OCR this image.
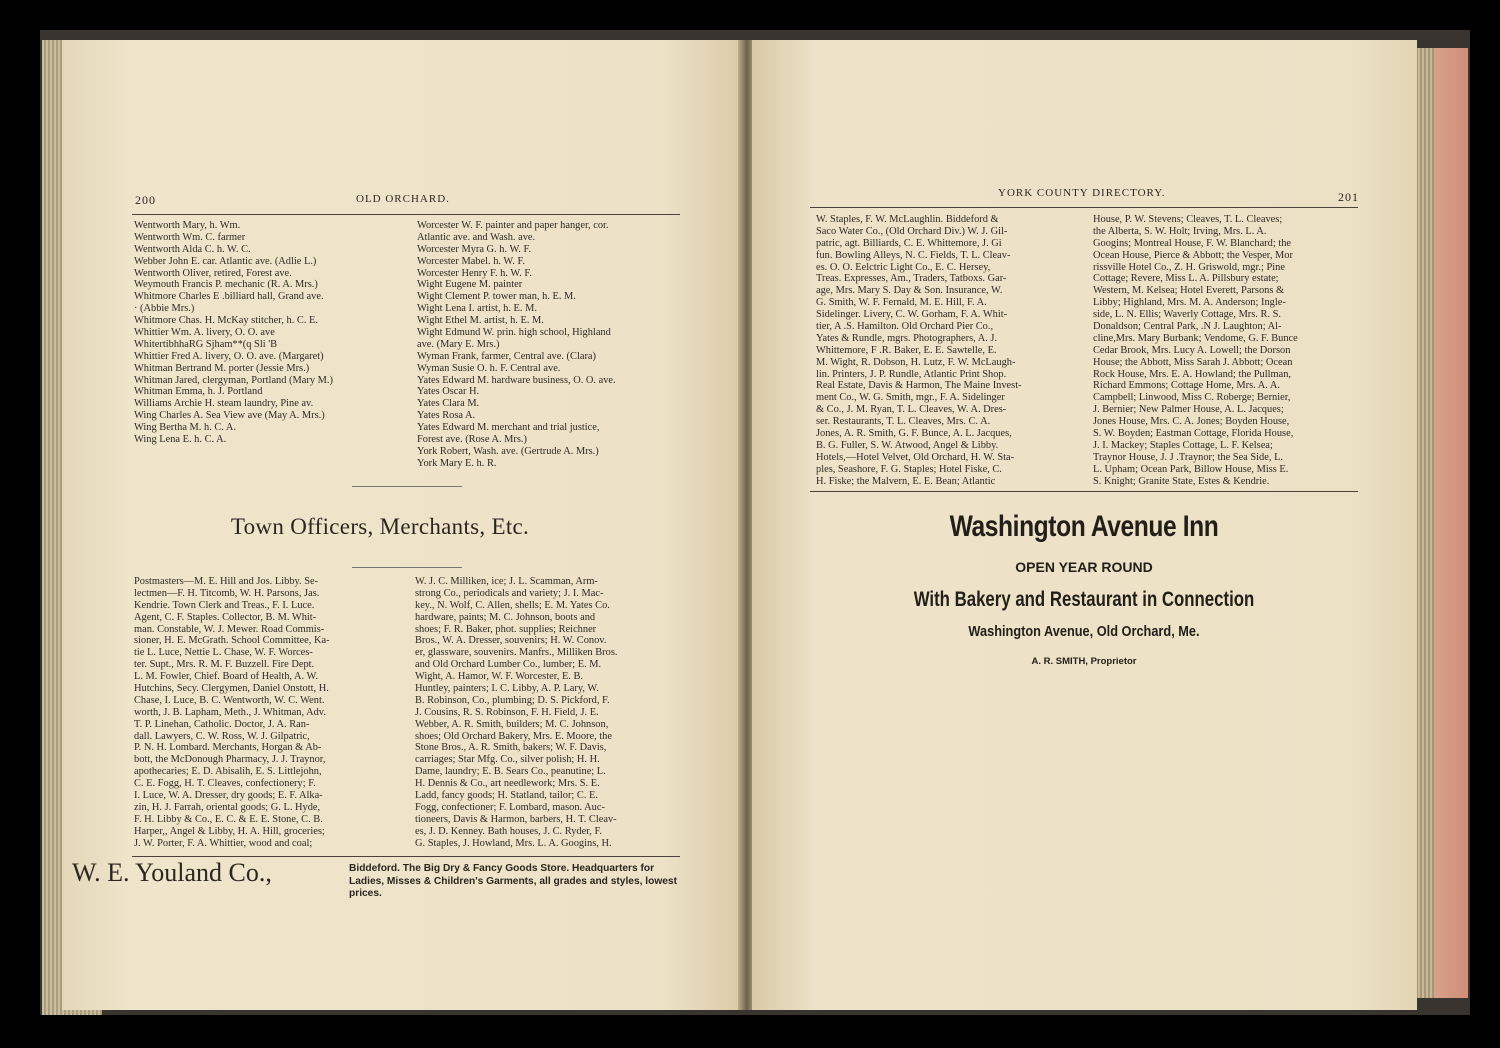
200	OLD ORCHARD.
Wentworth Mary, h. Wm.
Wentworth Wm. C. farmer
Wentworth Alda C. h. W. C.
Webber John E. car. Atlantic ave. (Adlie L.)
Wentworth Oliver, retired, Forest ave.
Weymouth Francis P. mechanic (R. A. Mrs.)
Whitmore Charles E .billiard hall, Grand ave.
· (Abbie Mrs.)
Whitmore Chas. H. McKay stitcher, h. C. E.
Whittier Wm. A. livery, O. O. ave
WhitertibhhaRG Sjham**(q Sli 'B
Whittier Fred A. livery, O. O. ave. (Margaret)
Whitman Bertrand M. porter (Jessie Mrs.)
Whitman Jared, clergyman, Portland (Mary M.)
Whitman Emma, h. J. Portland
Williams Archie H. steam laundry, Pine av.
Wing Charles A. Sea View ave (May A. Mrs.)
Wing Bertha M. h. C. A.
Wing Lena E. h. C. A.
Worcester W. F. painter and paper hanger, cor.
Atlantic ave. and Wash. ave.
Worcester Myra G. h. W. F.
Worcester Mabel. h. W. F.
Worcester Henry F. h. W. F.
Wight Eugene M. painter
Wight Clement P. tower man, h. E. M.
Wight Lena I. artist, h. E. M.
Wight Ethel M. artist, h. E. M.
Wight Edmund W. prin. high school, Highland
ave. (Mary E. Mrs.)
Wyman Frank, farmer, Central ave. (Clara)
Wyman Susie O. h. F. Central ave.
Yates Edward M. hardware business, O. O. ave.
Yates Oscar H.
Yates Clara M.
Yates Rosa A.
Yates Edward M. merchant and trial justice,
Forest ave. (Rose A. Mrs.)
York Robert, Wash. ave. (Gertrude A. Mrs.)
York Mary E. h. R.
Town Officers, Merchants, Etc.
Postmasters—M. E. Hill and Jos. Libby. Se-
lectmen—F. H. Titcomb, W. H. Parsons, Jas.
Kendrie. Town Clerk and Treas., F. I. Luce.
Agent, C. F. Staples. Collector, B. M. Whit-
man. Constable, W. J. Mewer. Road Commis-
sioner, H. E. McGrath. School Committee, Ka-
tie L. Luce, Nettie L. Chase, W. F. Worces-
ter. Supt., Mrs. R. M. F. Buzzell. Fire Dept.
L. M. Fowler, Chief. Board of Health, A. W.
Hutchins, Secy. Clergymen, Daniel Onstott, H.
Chase, I. Luce, B. C. Wentworth, W. C. Went.
worth, J. B. Lapham, Meth., J. Whitman, Adv.
T. P. Linehan, Catholic. Doctor, J. A. Ran-
dall. Lawyers, C. W. Ross, W. J. Gilpatric,
P. N. H. Lombard. Merchants, Horgan & Ab-
bott, the McDonough Pharmacy, J. J. Traynor,
apothecaries; E. D. Abisalih, E. S. Littlejohn,
C. E. Fogg, H. T. Cleaves, confectionery; F.
I. Luce, W. A. Dresser, dry goods; E. F. Alka-
zin, H. J. Farrah, oriental goods; G. L. Hyde,
F. H. Libby & Co., E. C. & E. E. Stone, C. B.
Harper,, Angel & Libby, H. A. Hill, groceries;
J. W. Porter, F. A. Whittier, wood and coal;
W. J. C. Milliken, ice; J. L. Scamman, Arm-
strong Co., periodicals and variety; J. I. Mac-
key., N. Wolf, C. Allen, shells; E. M. Yates Co.
hardware, paints; M. C. Johnson, boots and
shoes; F. R. Baker, phot. supplies; Reichner
Bros., W. A. Dresser, souvenirs; H. W. Conov.
er, glassware, souvenirs. Manfrs., Milliken Bros.
and Old Orchard Lumber Co., lumber; E. M.
Wight, A. Hamor, W. F. Worcester, E. B.
Huntley, painters; I. C. Libby, A. P. Lary, W.
B. Robinson, Co., plumbing; D. S. Pickford, F.
J. Cousins, R. S. Robinson, F. H. Field, J. E.
Webber, A. R. Smith, builders; M. C. Johnson,
shoes; Old Orchard Bakery, Mrs. E. Moore, the
Stone Bros., A. R. Smith, bakers; W. F. Davis,
carriages; Star Mfg. Co., silver polish; H. H.
Dame, laundry; E. B. Sears Co., peanutine; L.
H. Dennis & Co., art needlework; Mrs. S. E.
Ladd, fancy goods; H. Statland, tailor; C. E.
Fogg, confectioner; F. Lombard, mason. Auc-
tioneers, Davis & Harmon, barbers, H. T. Cleav-
es, J. D. Kenney. Bath houses, J. C. Ryder, F.
G. Staples, J. Howland, Mrs. L. A. Googins, H.
W. E. Youland Co.,	Biddeford. The Big Dry & Fancy Goods Store. Headquarters for Ladies, Misses & Children's Garments, all grades and styles, lowest prices.
YORK COUNTY DIRECTORY.	201
W. Staples, F. W. McLaughlin. Biddeford &
Saco Water Co., (Old Orchard Div.) W. J. Gil-
patric, agt. Billiards, C. E. Whittemore, J. Gi
fun. Bowling Alleys, N. C. Fields, T. L. Cleav-
es. O. O. Eelctric Light Co., E. C. Hersey,
Treas. Expresses, Am., Traders, Tatboxs. Gar-
age, Mrs. Mary S. Day & Son. Insurance, W.
G. Smith, W. F. Fernald, M. E. Hill, F. A.
Sidelinger. Livery, C. W. Gorham, F. A. Whit-
tier, A .S. Hamilton. Old Orchard Pier Co.,
Yates & Rundle, mgrs. Photographers, A. J.
Whittemore, F .R. Baker, E. E. Sawtelle, E.
M. Wight, R. Dobson, H. Lutz, F. W. McLaugh-
lin. Printers, J. P. Rundle, Atlantic Print Shop.
Real Estate, Davis & Harmon, The Maine Invest-
ment Co., W. G. Smith, mgr., F. A. Sidelinger
& Co., J. M. Ryan, T. L. Cleaves, W. A. Dres-
ser. Restaurants, T. L. Cleaves, Mrs. C. A.
Jones, A. R. Smith, G. F. Bunce, A. L. Jacques,
B. G. Fuller, S. W. Atwood, Angel & Libby.
Hotels,—Hotel Velvet, Old Orchard, H. W. Sta-
ples, Seashore, F. G. Staples; Hotel Fiske, C.
H. Fiske; the Malvern, E. E. Bean; Atlantic
House, P. W. Stevens; Cleaves, T. L. Cleaves;
the Alberta, S. W. Holt; Irving, Mrs. L. A.
Googins; Montreal House, F. W. Blanchard; the
Ocean House, Pierce & Abbott; the Vesper, Mor
rissville Hotel Co., Z. H. Griswold, mgr.; Pine
Cottage; Revere, Miss L. A. Pillsbury estate;
Western, M. Kelsea; Hotel Everett, Parsons &
Libby; Highland, Mrs. M. A. Anderson; Ingle-
side, L. N. Ellis; Waverly Cottage, Mrs. R. S.
Donaldson; Central Park, .N J. Laughton; Al-
cline,Mrs. Mary Burbank; Vendome, G. F. Bunce
Cedar Brook, Mrs. Lucy A. Lowell; the Dorson
House; the Abbott, Miss Sarah J. Abbott; Ocean
Rock House, Mrs. E. A. Howland; the Pullman,
Richard Emmons; Cottage Home, Mrs. A. A.
Campbell; Linwood, Miss C. Roberge; Bernier,
J. Bernier; New Palmer House, A. L. Jacques;
Jones House, Mrs. C. A. Jones; Boyden House,
S. W. Boyden; Eastman Cottage, Florida House,
J. I. Mackey; Staples Cottage, L. F. Kelsea;
Traynor House, J. J .Traynor; the Sea Side, L.
L. Upham; Ocean Park, Billow House, Miss E.
S. Knight; Granite State, Estes & Kendrie.
Washington Avenue Inn
OPEN YEAR ROUND
With Bakery and Restaurant in Connection
Washington Avenue, Old Orchard, Me.
A. R. SMITH, Proprietor
